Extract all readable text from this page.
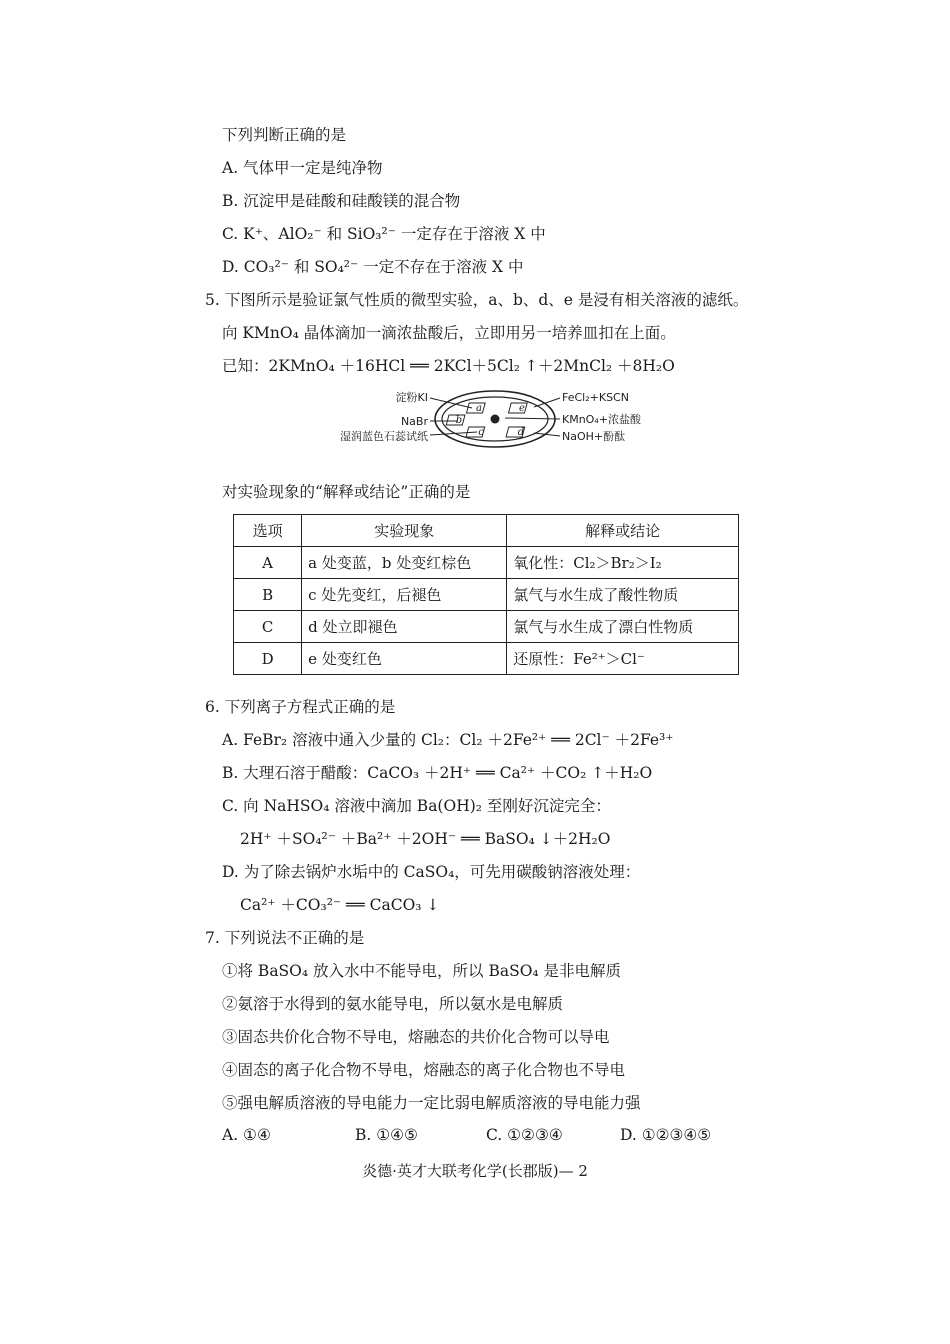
下列判断正确的是
A. 气体甲一定是纯净物
B. 沉淀甲是硅酸和硅酸镁的混合物
C. K⁺、AlO₂⁻ 和 SiO₃²⁻ 一定存在于溶液 X 中
D. CO₃²⁻ 和 SO₄²⁻ 一定不存在于溶液 X 中
5. 下图所示是验证氯气性质的微型实验，a、b、d、e 是浸有相关溶液的滤纸。
向 KMnO₄ 晶体滴加一滴浓盐酸后，立即用另一培养皿扣在上面。
已知：2KMnO₄ ＋16HCl ══ 2KCl＋5Cl₂ ↑＋2MnCl₂ ＋8H₂O
a
b
c	d
e
淀粉KI
NaBr
湿润蓝色石蕊试纸
FeCl₂+KSCN
KMnO₄+浓盐酸
NaOH+酚酞
对实验现象的“解释或结论”正确的是
选项	实验现象	解释或结论
A	a 处变蓝，b 处变红棕色	氧化性：Cl₂＞Br₂＞I₂
B	c 处先变红，后褪色	氯气与水生成了酸性物质
C	d 处立即褪色	氯气与水生成了漂白性物质
D	e 处变红色	还原性：Fe²⁺＞Cl⁻
6. 下列离子方程式正确的是
A. FeBr₂ 溶液中通入少量的 Cl₂：Cl₂ ＋2Fe²⁺ ══ 2Cl⁻ ＋2Fe³⁺
B. 大理石溶于醋酸：CaCO₃ ＋2H⁺ ══ Ca²⁺ ＋CO₂ ↑＋H₂O
C. 向 NaHSO₄ 溶液中滴加 Ba(OH)₂ 至刚好沉淀完全：
2H⁺ ＋SO₄²⁻ ＋Ba²⁺ ＋2OH⁻ ══ BaSO₄ ↓＋2H₂O
D. 为了除去锅炉水垢中的 CaSO₄，可先用碳酸钠溶液处理：
Ca²⁺ ＋CO₃²⁻ ══ CaCO₃ ↓
7. 下列说法不正确的是
①将 BaSO₄ 放入水中不能导电，所以 BaSO₄ 是非电解质
②氨溶于水得到的氨水能导电，所以氨水是电解质
③固态共价化合物不导电，熔融态的共价化合物可以导电
④固态的离子化合物不导电，熔融态的离子化合物也不导电
⑤强电解质溶液的导电能力一定比弱电解质溶液的导电能力强
A. ①④	B. ①④⑤	C. ①②③④	D. ①②③④⑤
炎德·英才大联考化学(长郡版)— 2
